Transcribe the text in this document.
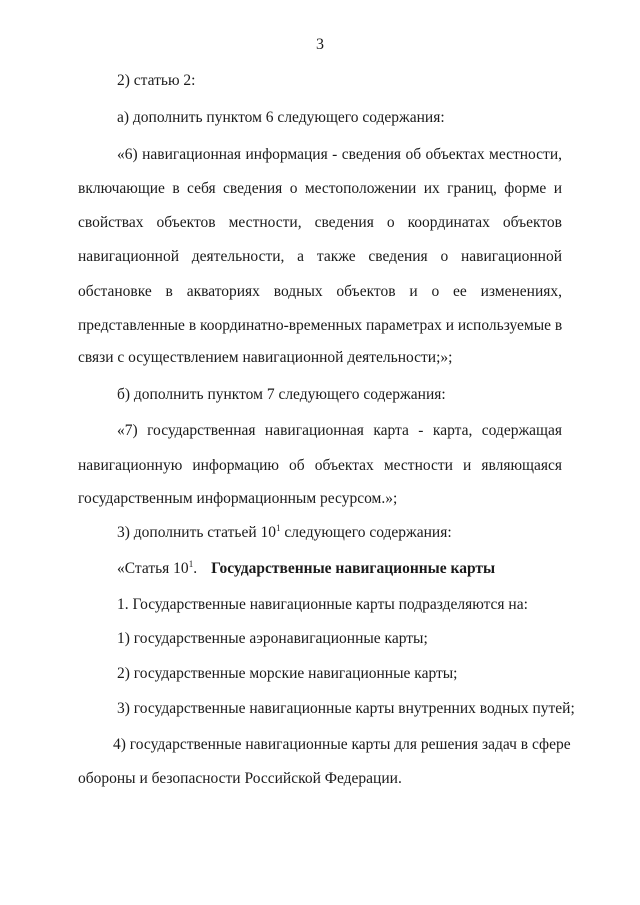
3
2) статью 2:
а) дополнить пунктом 6 следующего содержания:
«6) навигационная информация - сведения об объектах местности,
включающие в себя сведения о местоположении их границ, форме и
свойствах объектов местности, сведения о координатах объектов
навигационной деятельности, а также сведения о навигационной
обстановке в акваториях водных объектов и о ее изменениях,
представленные в координатно-временных параметрах и используемые в
связи с осуществлением навигационной деятельности;»;
б) дополнить пунктом 7 следующего содержания:
«7) государственная навигационная карта - карта, содержащая
навигационную информацию об объектах местности и являющаяся
государственным информационным ресурсом.»;
3) дополнить статьей $10^1$ следующего содержания:
«Статья $10^1$. Государственные навигационные карты
1. Государственные навигационные карты подразделяются на:
1) государственные аэронавигационные карты;
2) государственные морские навигационные карты;
3) государственные навигационные карты внутренних водных путей;
4) государственные навигационные карты для решения задач в сфере
обороны и безопасности Российской Федерации.
